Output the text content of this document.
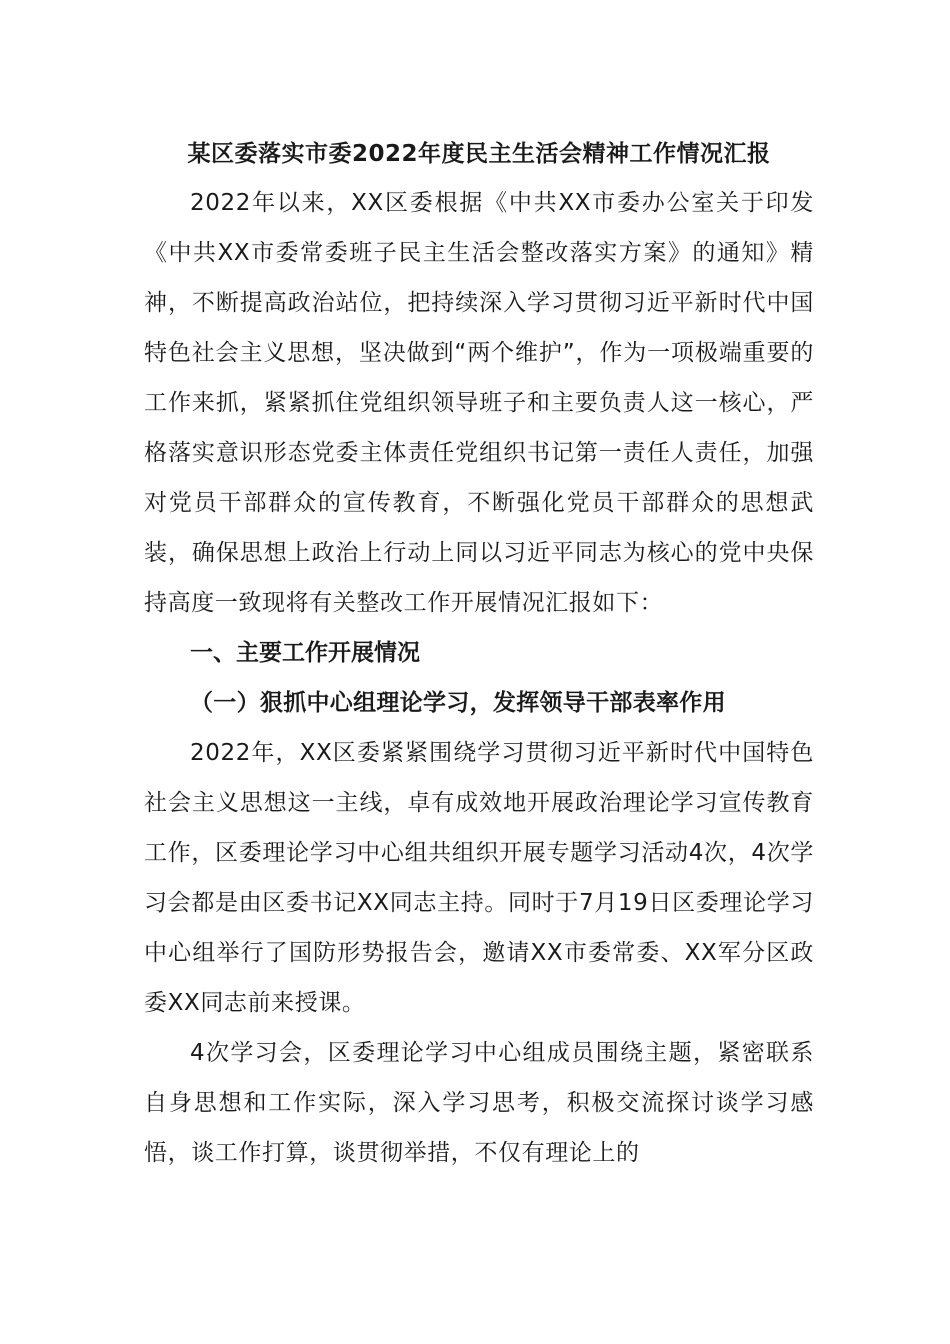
某区委落实市委2022年度民主生活会精神工作情况汇报

2022年以来，XX区委根据《中共XX市委办公室关于印发《中共XX市委常委班子民主生活会整改落实方案》的通知》精神，不断提高政治站位，把持续深入学习贯彻习近平新时代中国特色社会主义思想，坚决做到“两个维护”，作为一项极端重要的工作来抓，紧紧抓住党组织领导班子和主要负责人这一核心，严格落实意识形态党委主体责任党组织书记第一责任人责任，加强对党员干部群众的宣传教育，不断强化党员干部群众的思想武装，确保思想上政治上行动上同以习近平同志为核心的党中央保持高度一致现将有关整改工作开展情况汇报如下：

一、主要工作开展情况

（一）狠抓中心组理论学习，发挥领导干部表率作用

2022年，XX区委紧紧围绕学习贯彻习近平新时代中国特色社会主义思想这一主线，卓有成效地开展政治理论学习宣传教育工作，区委理论学习中心组共组织开展专题学习活动4次，4次学习会都是由区委书记XX同志主持。同时于7月19日区委理论学习中心组举行了国防形势报告会，邀请XX市委常委、XX军分区政委XX同志前来授课。

4次学习会，区委理论学习中心组成员围绕主题，紧密联系自身思想和工作实际，深入学习思考，积极交流探讨谈学习感悟，谈工作打算，谈贯彻举措，不仅有理论上的
